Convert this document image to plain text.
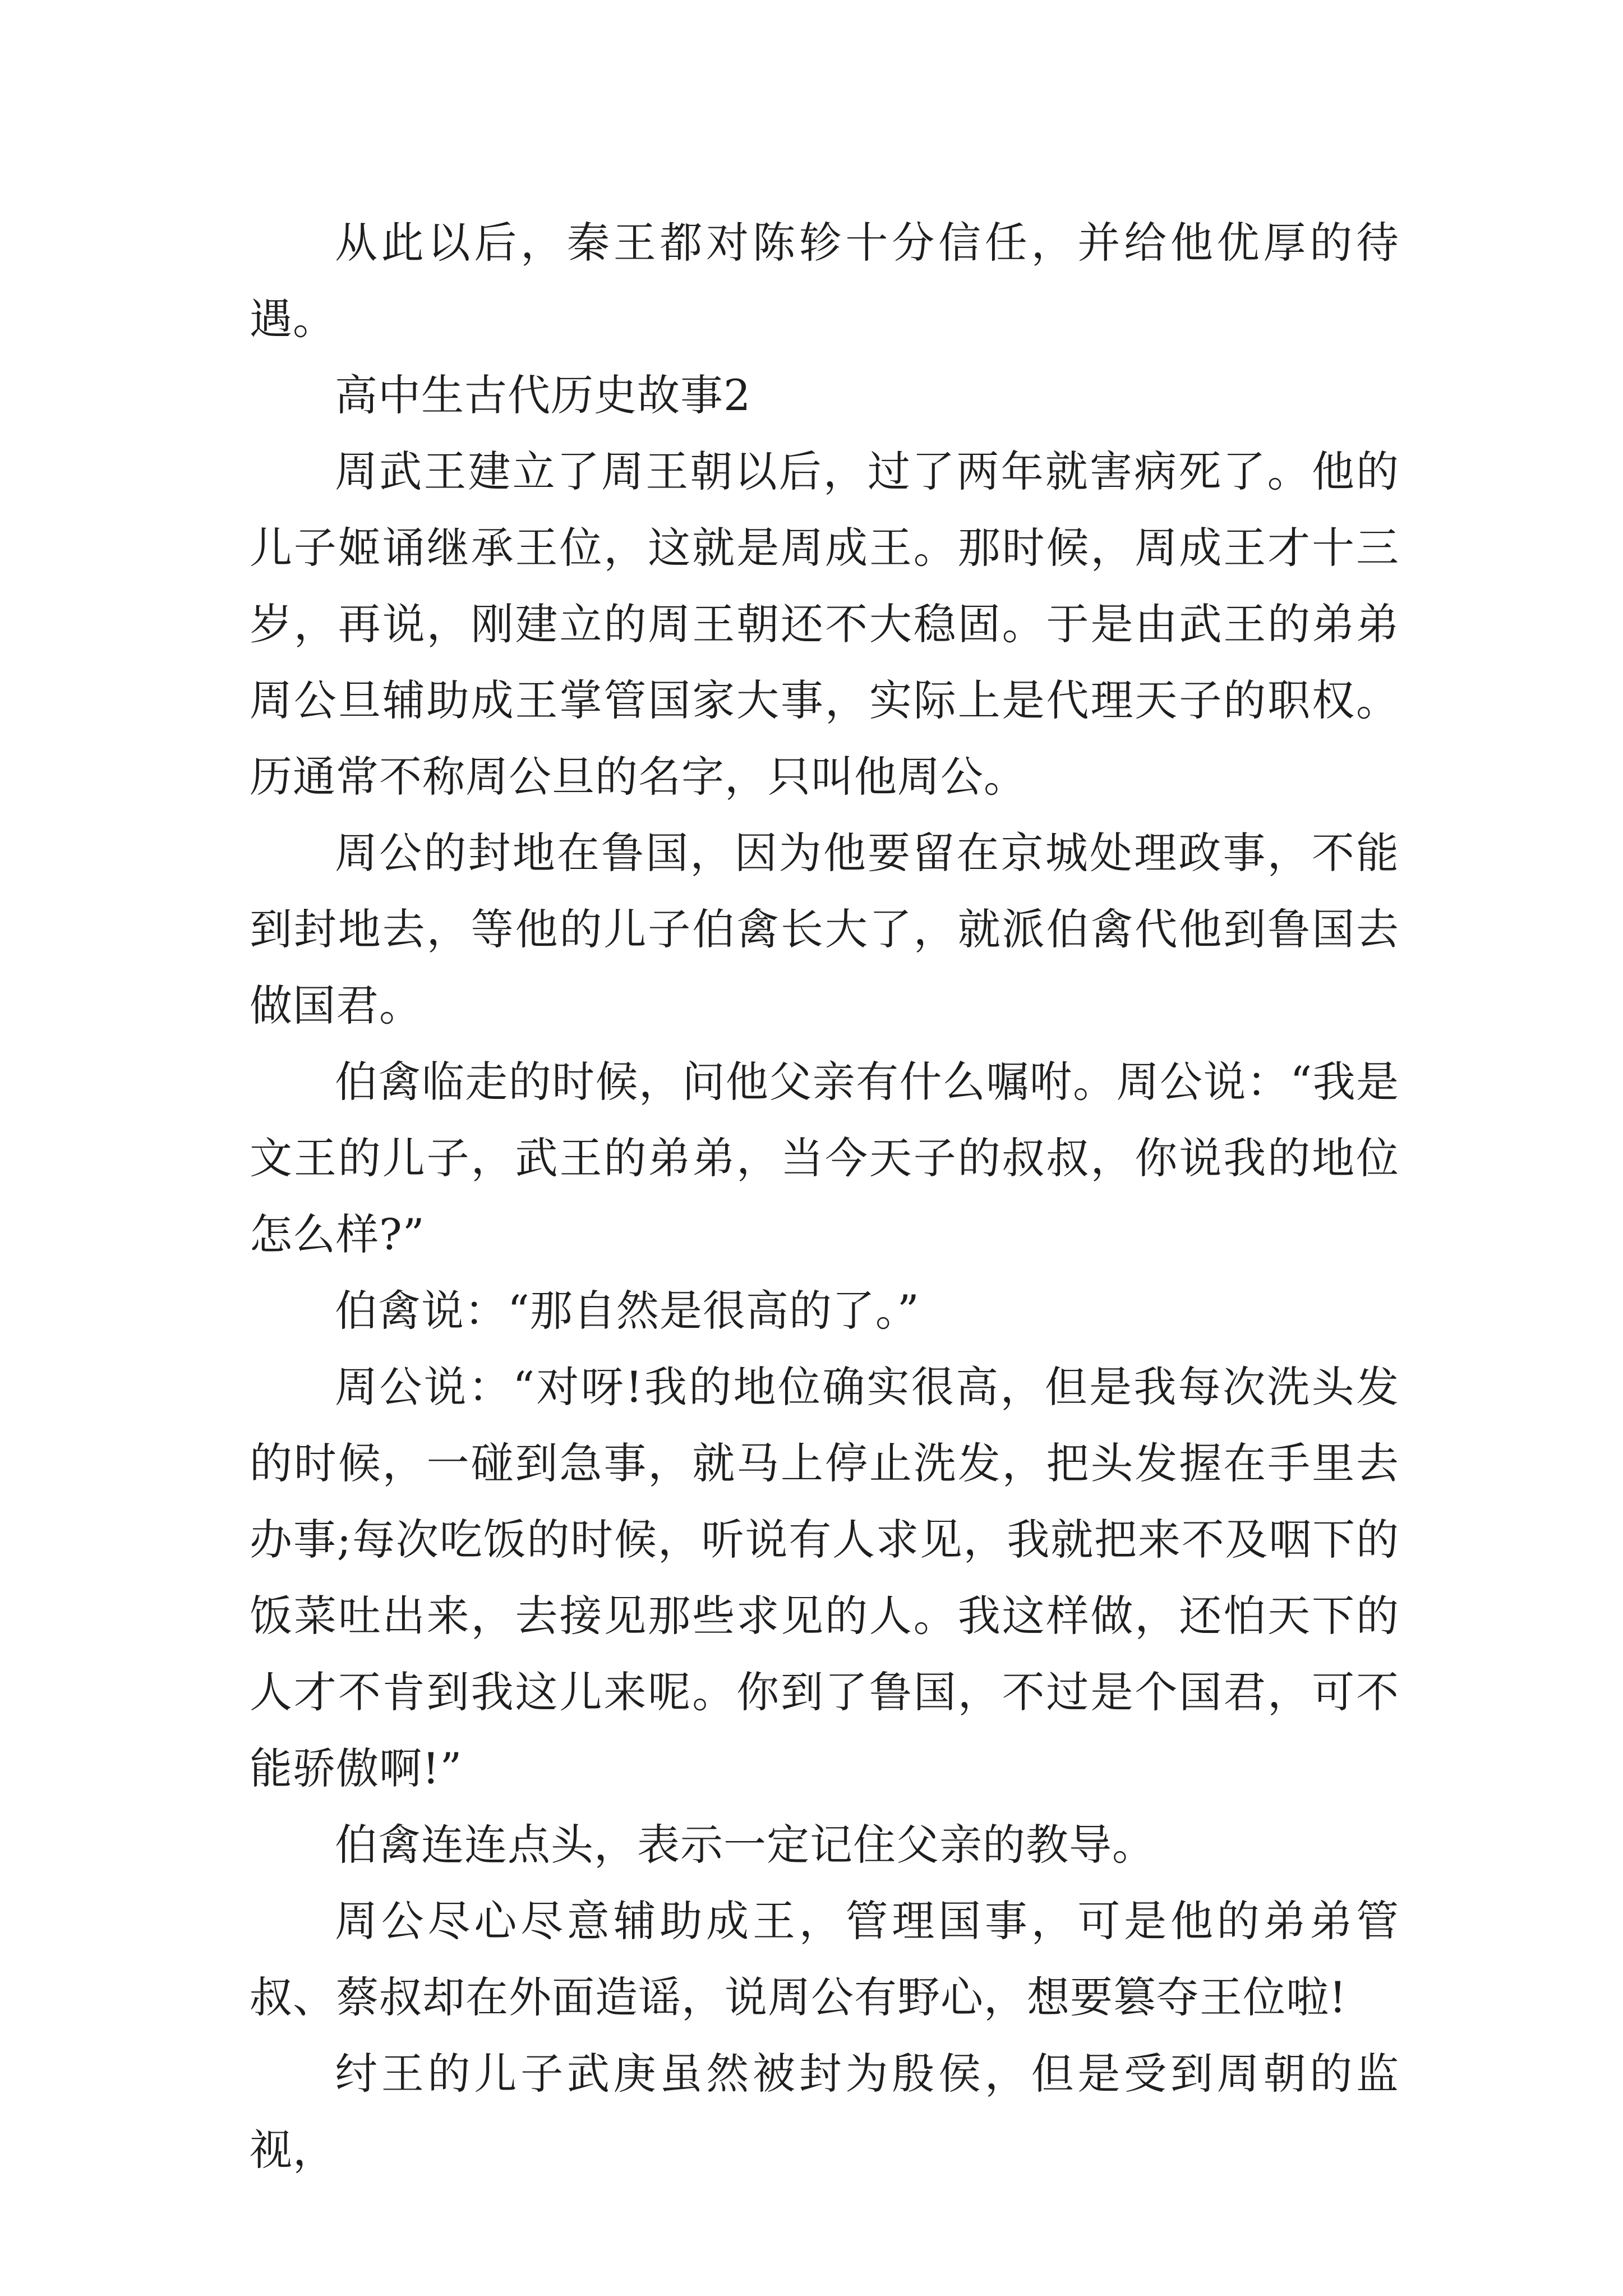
从此以后，秦王都对陈轸十分信任，并给他优厚的待遇。

高中生古代历史故事2

周武王建立了周王朝以后，过了两年就害病死了。他的儿子姬诵继承王位，这就是周成王。那时候，周成王才十三岁，再说，刚建立的周王朝还不大稳固。于是由武王的弟弟周公旦辅助成王掌管国家大事，实际上是代理天子的职权。历通常不称周公旦的名字，只叫他周公。

周公的封地在鲁国，因为他要留在京城处理政事，不能到封地去，等他的儿子伯禽长大了，就派伯禽代他到鲁国去做国君。

伯禽临走的时候，问他父亲有什么嘱咐。周公说：“我是文王的儿子，武王的弟弟，当今天子的叔叔，你说我的地位怎么样?”

伯禽说：“那自然是很高的了。”

周公说：“对呀!我的地位确实很高，但是我每次洗头发的时候，一碰到急事，就马上停止洗发，把头发握在手里去办事;每次吃饭的时候，听说有人求见，我就把来不及咽下的饭菜吐出来，去接见那些求见的人。我这样做，还怕天下的人才不肯到我这儿来呢。你到了鲁国，不过是个国君，可不能骄傲啊!”

伯禽连连点头，表示一定记住父亲的教导。

周公尽心尽意辅助成王，管理国事，可是他的弟弟管叔、蔡叔却在外面造谣，说周公有野心，想要篡夺王位啦!

纣王的儿子武庚虽然被封为殷侯，但是受到周朝的监视，
